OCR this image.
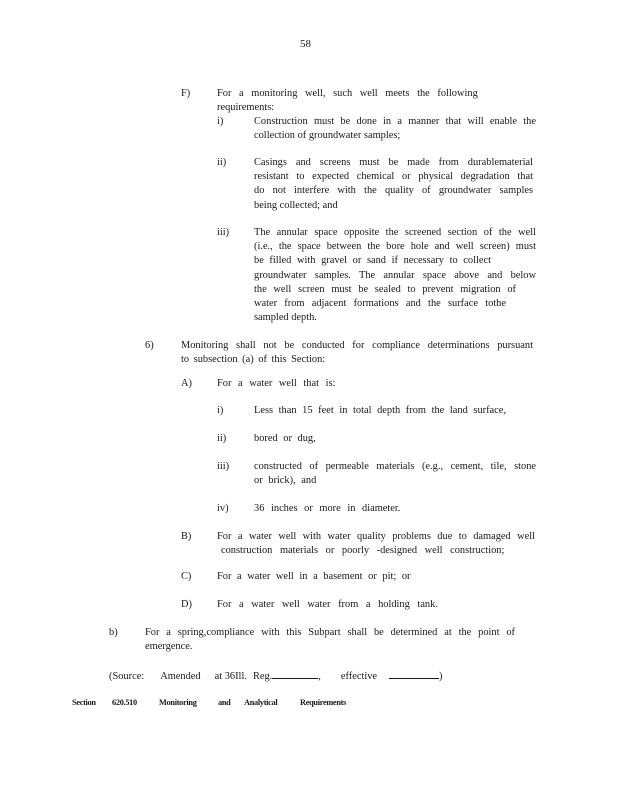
58
F)	For a monitoring well, such well meets the following requirements:
i)	Construction must be done in a manner that will enable the
collection of groundwater samples;
ii)	Casings and screens must be made from durablematerial
resistant to expected chemical or physical degradation that
do not interfere with the quality of groundwater samples
being collected; and
iii) The annular space opposite the screened section of the well
(i.e., the space between the bore hole and well screen) must
be filled with gravel or sand if necessary to collect
groundwater samples. The annular space above and below
the well screen must be sealed to prevent migration of
water from adjacent formations and the surface tothe
sampled depth.
6)	Monitoring shall not be conducted for compliance determinations pursuant
to subsection (a) of this Section:
A) For a water well that is:
i)	Less than 15 feet in total depth from the land surface,
ii)	bored or dug,
iii) constructed of permeable materials (e.g., cement, tile, stone
or brick), and
iv) 36 inches or more in diameter.
B) For a water well with water quality problems due to damaged well
construction materials or poorly -designed well construction;
C) For a water well in a basement or pit; or
D) For a water well water from a holding tank.
b)	For a spring,compliance with this Subpart shall be determined at the point of
emergence.
(Source: Amended at 36Ill. Reg.	, effective	)
Section 620.510	Monitoring	and Analytical	Requirements
